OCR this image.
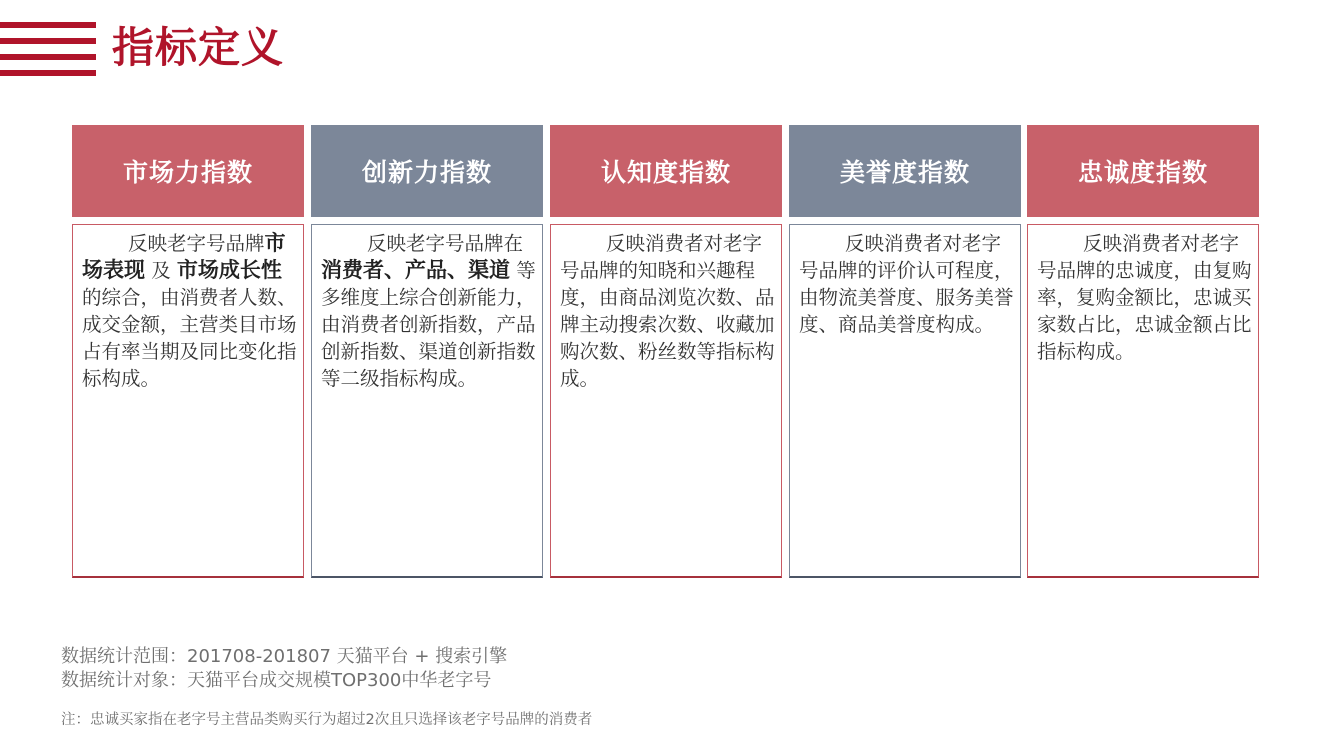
指标定义
市场力指数
反映老字号品牌市场表现 及 市场成长性 的综合，由消费者人数、成交金额，主营类目市场占有率当期及同比变化指标构成。
创新力指数
反映老字号品牌在 消费者、产品、渠道 等多维度上综合创新能力，由消费者创新指数，产品创新指数、渠道创新指数等二级指标构成。
认知度指数
反映消费者对老字号品牌的知晓和兴趣程度，由商品浏览次数、品牌主动搜索次数、收藏加购次数、粉丝数等指标构成。
美誉度指数
反映消费者对老字号品牌的评价认可程度，由物流美誉度、服务美誉度、商品美誉度构成。
忠诚度指数
反映消费者对老字号品牌的忠诚度，由复购率，复购金额比，忠诚买家数占比，忠诚金额占比指标构成。
数据统计范围：201708-201807 天猫平台 + 搜索引擎
数据统计对象：天猫平台成交规模TOP300中华老字号
注：忠诚买家指在老字号主营品类购买行为超过2次且只选择该老字号品牌的消费者
